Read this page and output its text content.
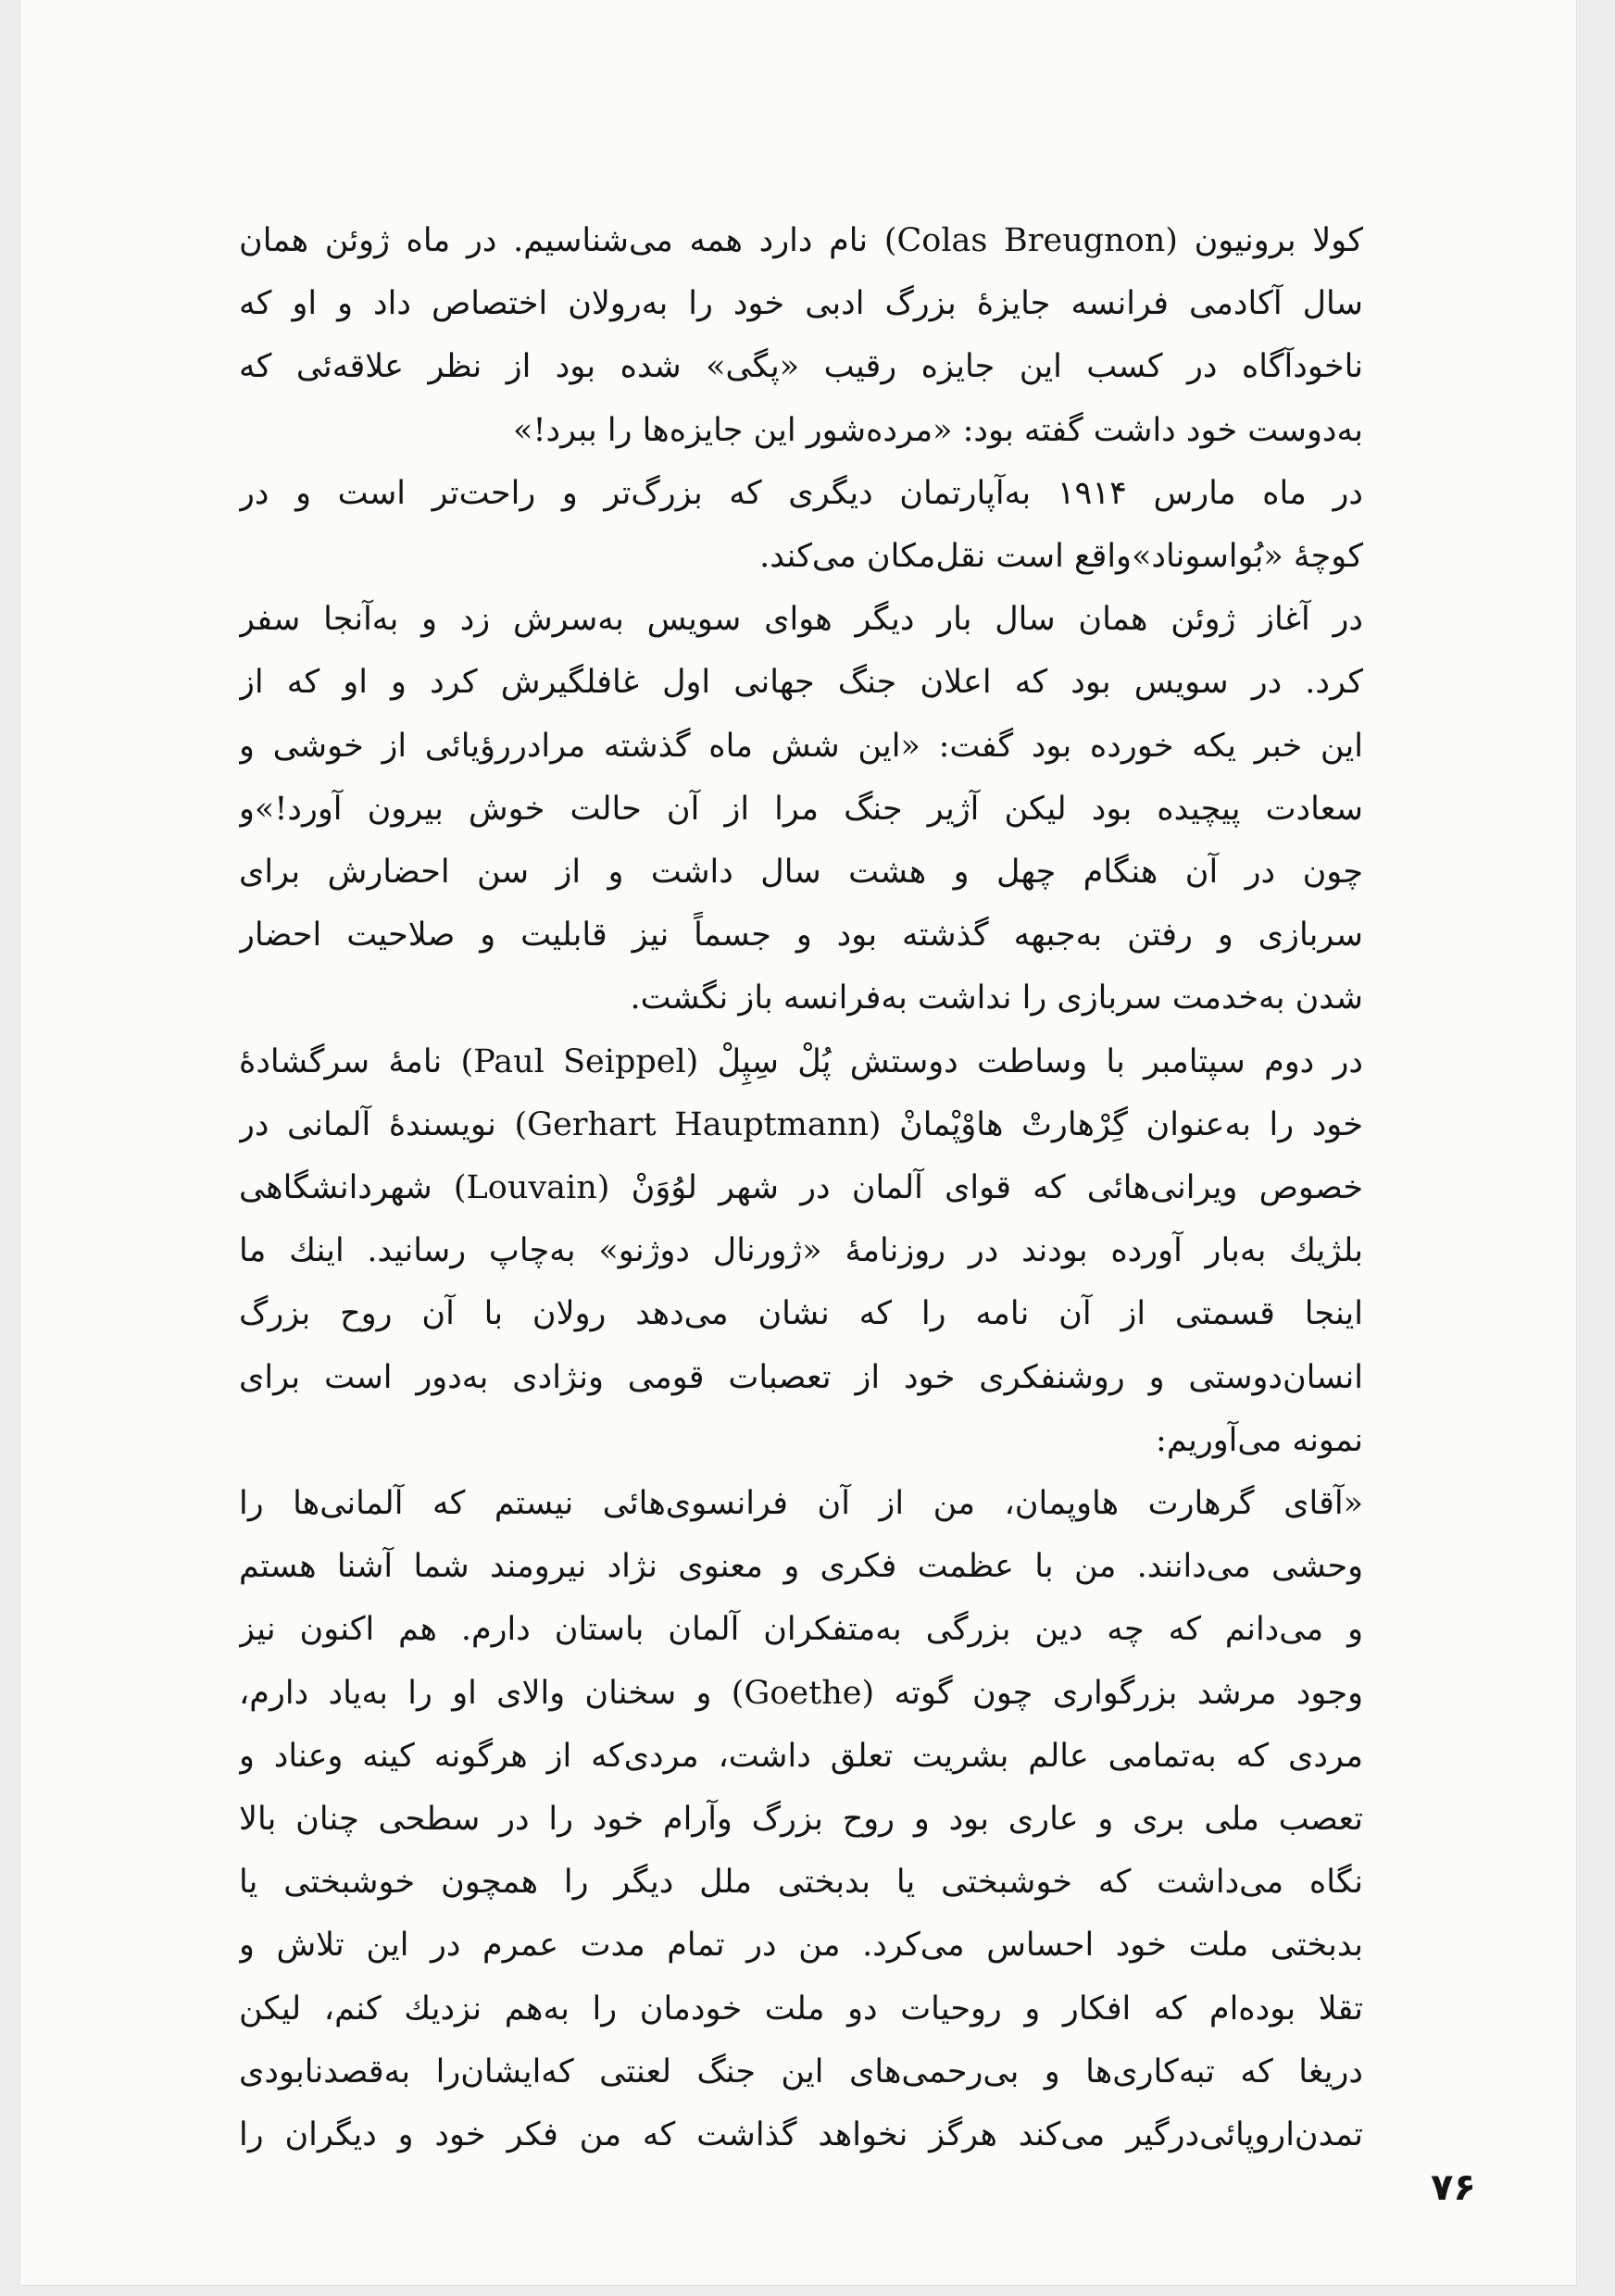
کولا برونیون (Colas Breugnon) نام دارد همه می‌شناسیم. در ماه ژوئن همان
سال آکادمی فرانسه جایزهٔ بزرگ ادبی خود را به‌رولان اختصاص داد و او که
ناخودآگاه در کسب این جایزه رقیب «پگی» شده بود از نظر علاقه‌ئی که
به‌دوست خود داشت گفته بود: «مرده‌شور این جایزه‌ها را ببرد!»

در ماه مارس ۱۹۱۴ به‌آپارتمان دیگری که بزرگ‌تر و راحت‌تر است و در
کوچهٔ «بُواسوناد»واقع است نقل‌مکان می‌کند.

در آغاز ژوئن همان سال بار دیگر هوای سویس به‌سرش زد و به‌آنجا سفر
کرد. در سویس بود که اعلان جنگ جهانی اول غافلگیرش کرد و او که از
این خبر یکه خورده بود گفت: «این شش ماه گذشته مرادررؤیائی از خوشی و
سعادت پیچیده بود لیکن آژیر جنگ مرا از آن حالت خوش بیرون آورد!»و
چون در آن هنگام چهل و هشت سال داشت و از سن احضارش برای
سربازی و رفتن به‌جبهه گذشته بود و جسماً نیز قابلیت و صلاحیت احضار
شدن به‌خدمت سربازی را نداشت به‌فرانسه باز نگشت.

در دوم سپتامبر با وساطت دوستش پُلْ سِپِلْ (Paul Seippel) نامهٔ سرگشادهٔ
خود را به‌عنوان گِرْهارتْ هاوْپْمانْ (Gerhart Hauptmann) نویسندهٔ آلمانی در
خصوص ویرانی‌هائی که قوای آلمان در شهر لوُوَنْ (Louvain) شهردانشگاهی
بلژیك به‌بار آورده بودند در روزنامهٔ «ژورنال دوژنو» به‌چاپ رسانید. اینك ما
اینجا قسمتی از آن نامه را که نشان می‌دهد رولان با آن روح بزرگ
انسان‌دوستی و روشنفکری خود از تعصبات قومی ونژادی به‌دور است برای
نمونه می‌آوریم:

«آقای گرهارت هاوپمان، من از آن فرانسوی‌هائی نیستم که آلمانی‌ها را
وحشی می‌دانند. من با عظمت فکری و معنوی نژاد نیرومند شما آشنا هستم
و می‌دانم که چه دین بزرگی به‌متفکران آلمان باستان دارم. هم اکنون نیز
وجود مرشد بزرگواری چون گوته (Goethe) و سخنان والای او را به‌یاد دارم،
مردی که به‌تمامی عالم بشریت تعلق داشت، مردی‌که از هرگونه کینه وعناد و
تعصب ملی بری و عاری بود و روح بزرگ وآرام خود را در سطحی چنان بالا
نگاه می‌داشت که خوشبختی یا بدبختی ملل دیگر را همچون خوشبختی یا
بدبختی ملت خود احساس می‌کرد. من در تمام مدت عمرم در این تلاش و
تقلا بوده‌ام که افکار و روحیات دو ملت خودمان را به‌هم نزدیك کنم، لیکن
دریغا که تبه‌کاری‌ها و بی‌رحمی‌های این جنگ لعنتی که‌ایشان‌را به‌قصدنابودی
تمدن‌اروپائی‌درگیر می‌کند هرگز نخواهد گذاشت که من فکر خود و دیگران را

۷۶
